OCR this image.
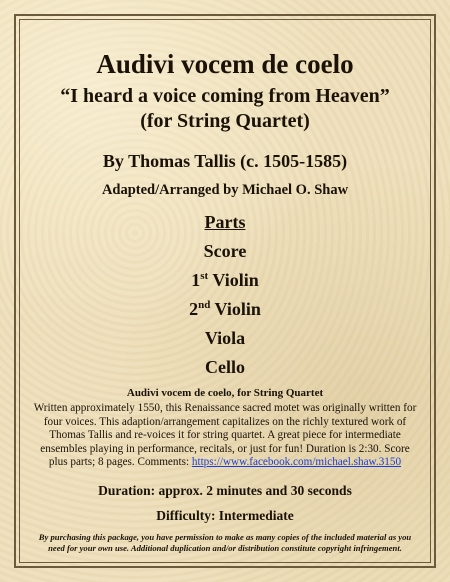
Audivi vocem de coelo
“I heard a voice coming from Heaven”
(for String Quartet)
By Thomas Tallis (c. 1505-1585)
Adapted/Arranged by Michael O. Shaw
Parts
Score
1st Violin
2nd Violin
Viola
Cello
Audivi vocem de coelo, for String Quartet

Written approximately 1550, this Renaissance sacred motet was originally written for four voices. This adaption/arrangement capitalizes on the richly textured work of Thomas Tallis and re-voices it for string quartet. A great piece for intermediate ensembles playing in performance, recitals, or just for fun! Duration is 2:30. Score plus parts; 8 pages. Comments: https://www.facebook.com/michael.shaw.3150

Duration: approx. 2 minutes and 30 seconds
Difficulty: Intermediate

By purchasing this package, you have permission to make as many copies of the included material as you need for your own use. Additional duplication and/or distribution constitute copyright infringement.
